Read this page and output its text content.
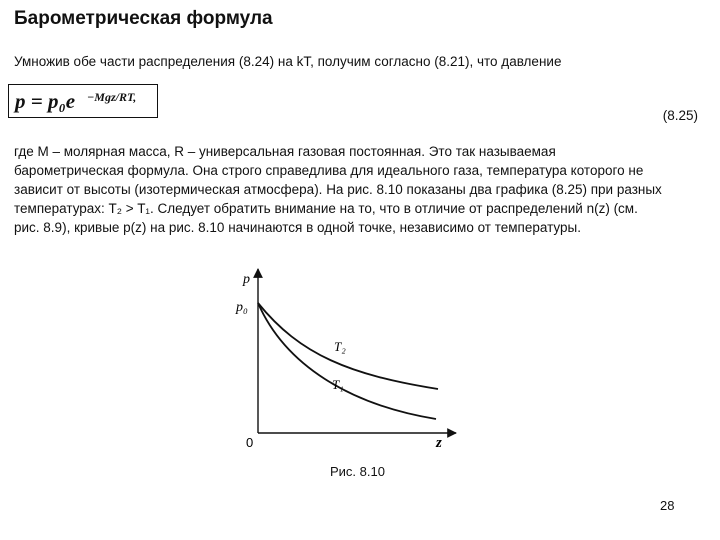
Барометрическая формула
Умножив обе части распределения (8.24) на kT, получим согласно (8.21), что давление
p = p₀e −Mgz/RT,
(8.25)

где M – молярная масса, R – универсальная газовая постоянная. Это так называемая

барометрическая формула. Она строго справедлива для идеального газа, температура которого не

зависит от высоты (изотермическая атмосфера). На рис. 8.10 показаны два графика (8.25) при разных

температурах: T₂ > T₁. Следует обратить внимание на то, что в отличие от распределений n(z) (см.

рис. 8.9), кривые p(z) на рис. 8.10 начинаются в одной точке, независимо от температуры.

p
p₀
0	z
T₂
T₁
Рис. 8.10
28
